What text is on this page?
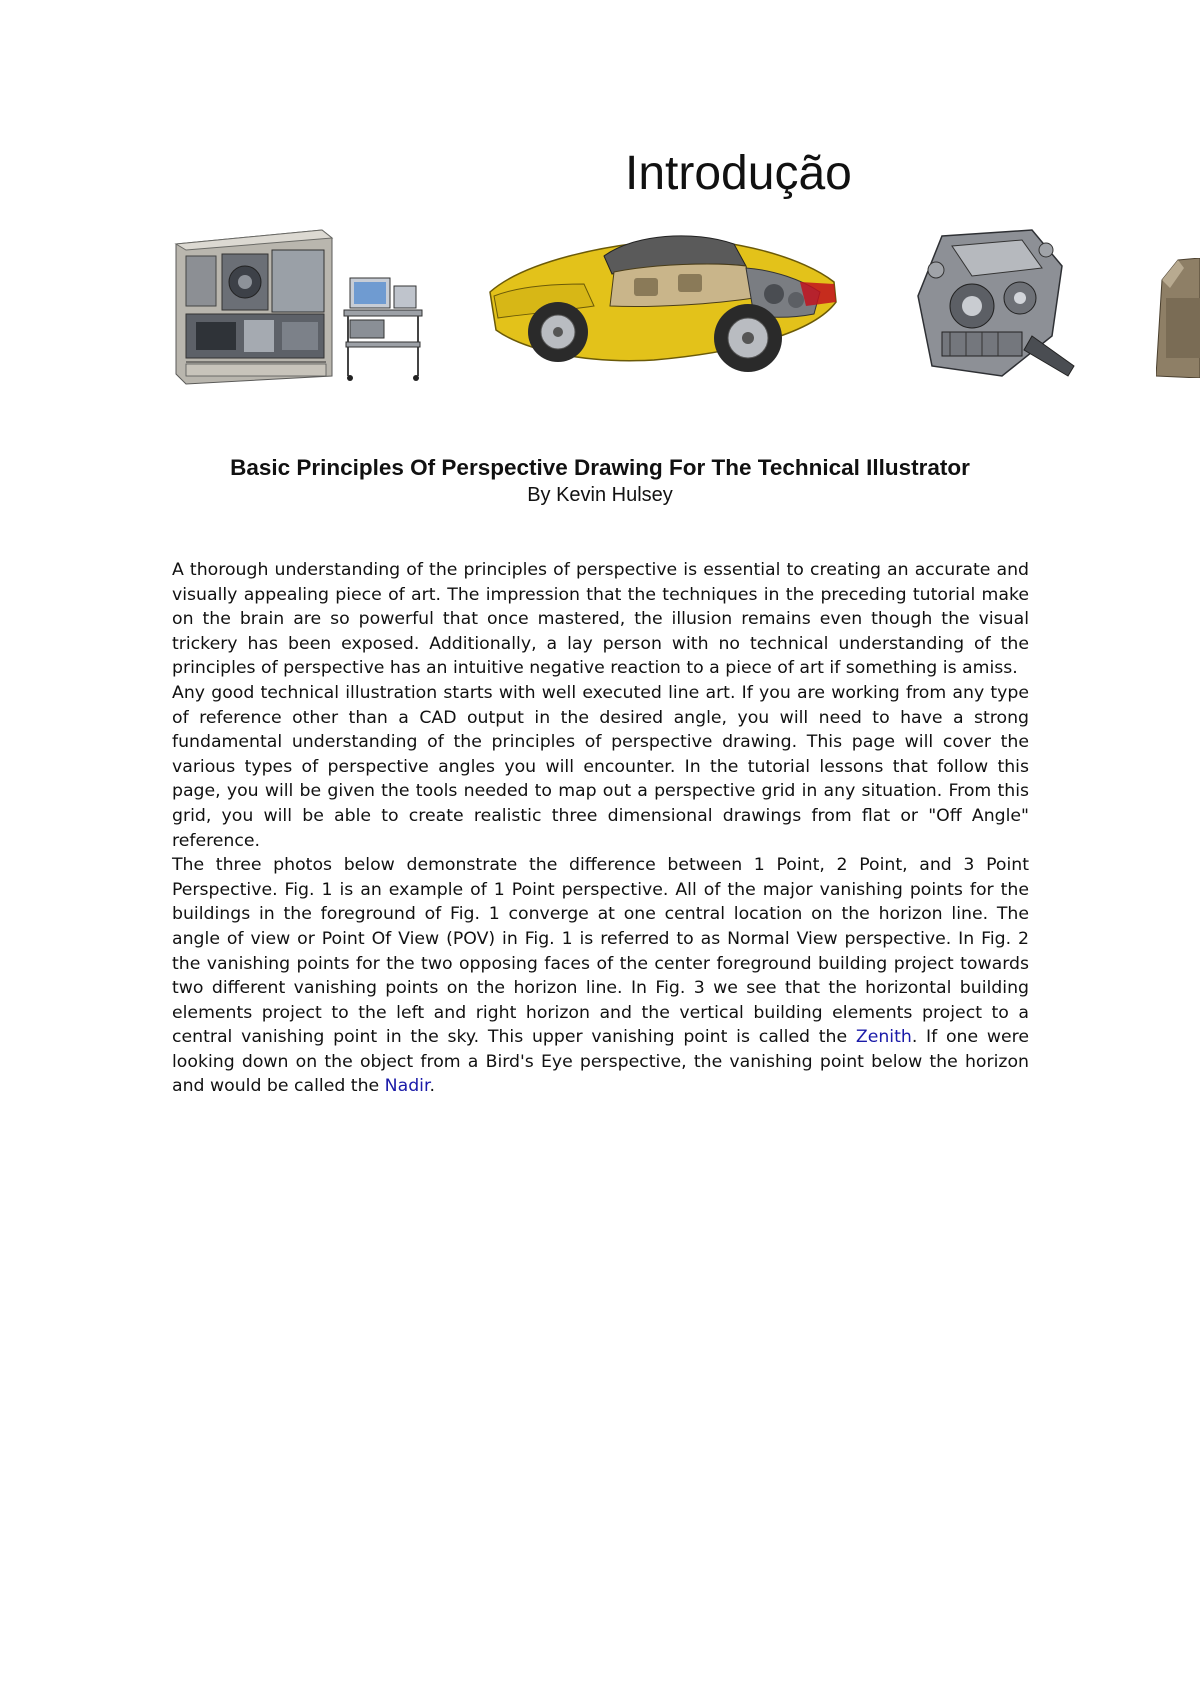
Introdução
Basic Principles Of Perspective Drawing For The Technical Illustrator
By Kevin Hulsey

A thorough understanding of the principles of perspective is essential to creating an accurate and visually appealing piece of art. The impression that the techniques in the preceding tutorial make on the brain are so powerful that once mastered, the illusion remains even though the visual trickery has been exposed. Additionally, a lay person with no technical understanding of the principles of perspective has an intuitive negative reaction to a piece of art if something is amiss.

Any good technical illustration starts with well executed line art. If you are working from any type of reference other than a CAD output in the desired angle, you will need to have a strong fundamental understanding of the principles of perspective drawing. This page will cover the various types of perspective angles you will encounter. In the tutorial lessons that follow this page, you will be given the tools needed to map out a perspective grid in any situation. From this grid, you will be able to create realistic three dimensional drawings from flat or "Off Angle" reference.

The three photos below demonstrate the difference between 1 Point, 2 Point, and 3 Point Perspective. Fig. 1 is an example of 1 Point perspective. All of the major vanishing points for the buildings in the foreground of Fig. 1 converge at one central location on the horizon line. The angle of view or Point Of View (POV) in Fig. 1 is referred to as Normal View perspective. In Fig. 2 the vanishing points for the two opposing faces of the center foreground building project towards two different vanishing points on the horizon line. In Fig. 3 we see that the horizontal building elements project to the left and right horizon and the vertical building elements project to a central vanishing point in the sky. This upper vanishing point is called the Zenith. If one were looking down on the object from a Bird's Eye perspective, the vanishing point below the horizon and would be called the Nadir.
